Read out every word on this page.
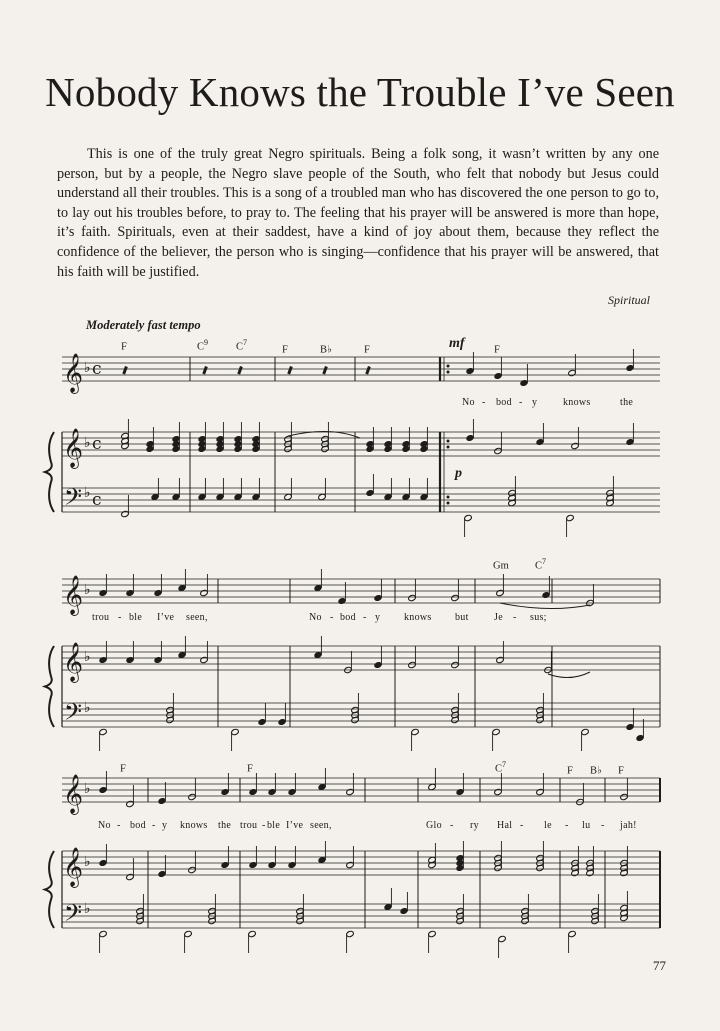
Nobody Knows the Trouble I’ve Seen
This is one of the truly great Negro spirituals. Being a folk song, it wasn’t written by any one person, but by a people, the Negro slave people of the South, who felt that nobody but Jesus could understand all their troubles. This is a song of a troubled man who has discovered the one person to go to, to lay out his troubles before, to pray to. The feeling that his prayer will be answered is more than hope, it’s faith. Spirituals, even at their saddest, have a kind of joy about them, because they reflect the confidence of the believer, the person who is singing—confidence that his prayer will be answered, that his faith will be justified.
Spiritual
Moderately fast tempo
F	$C^9$	$C^7$
F	B♭	F	mf	F
p
No - bod - y	knows	the
Gm	$C^7$
trou - ble I’ve seen,	No - bod - y knows but	Je - sus;
F	F	$C^7$
F B♭ F
No - bod - y knows the trou - ble I’ve seen,	Glo - ry Hal - le - lu - jah!
77
𝄞 ♭ c
𝄞 ♭ c
𝄢 ♭ c
𝄞 ♭
𝄞 ♭
𝄢 ♭
𝄞 ♭
𝄞 ♭
𝄢 ♭
